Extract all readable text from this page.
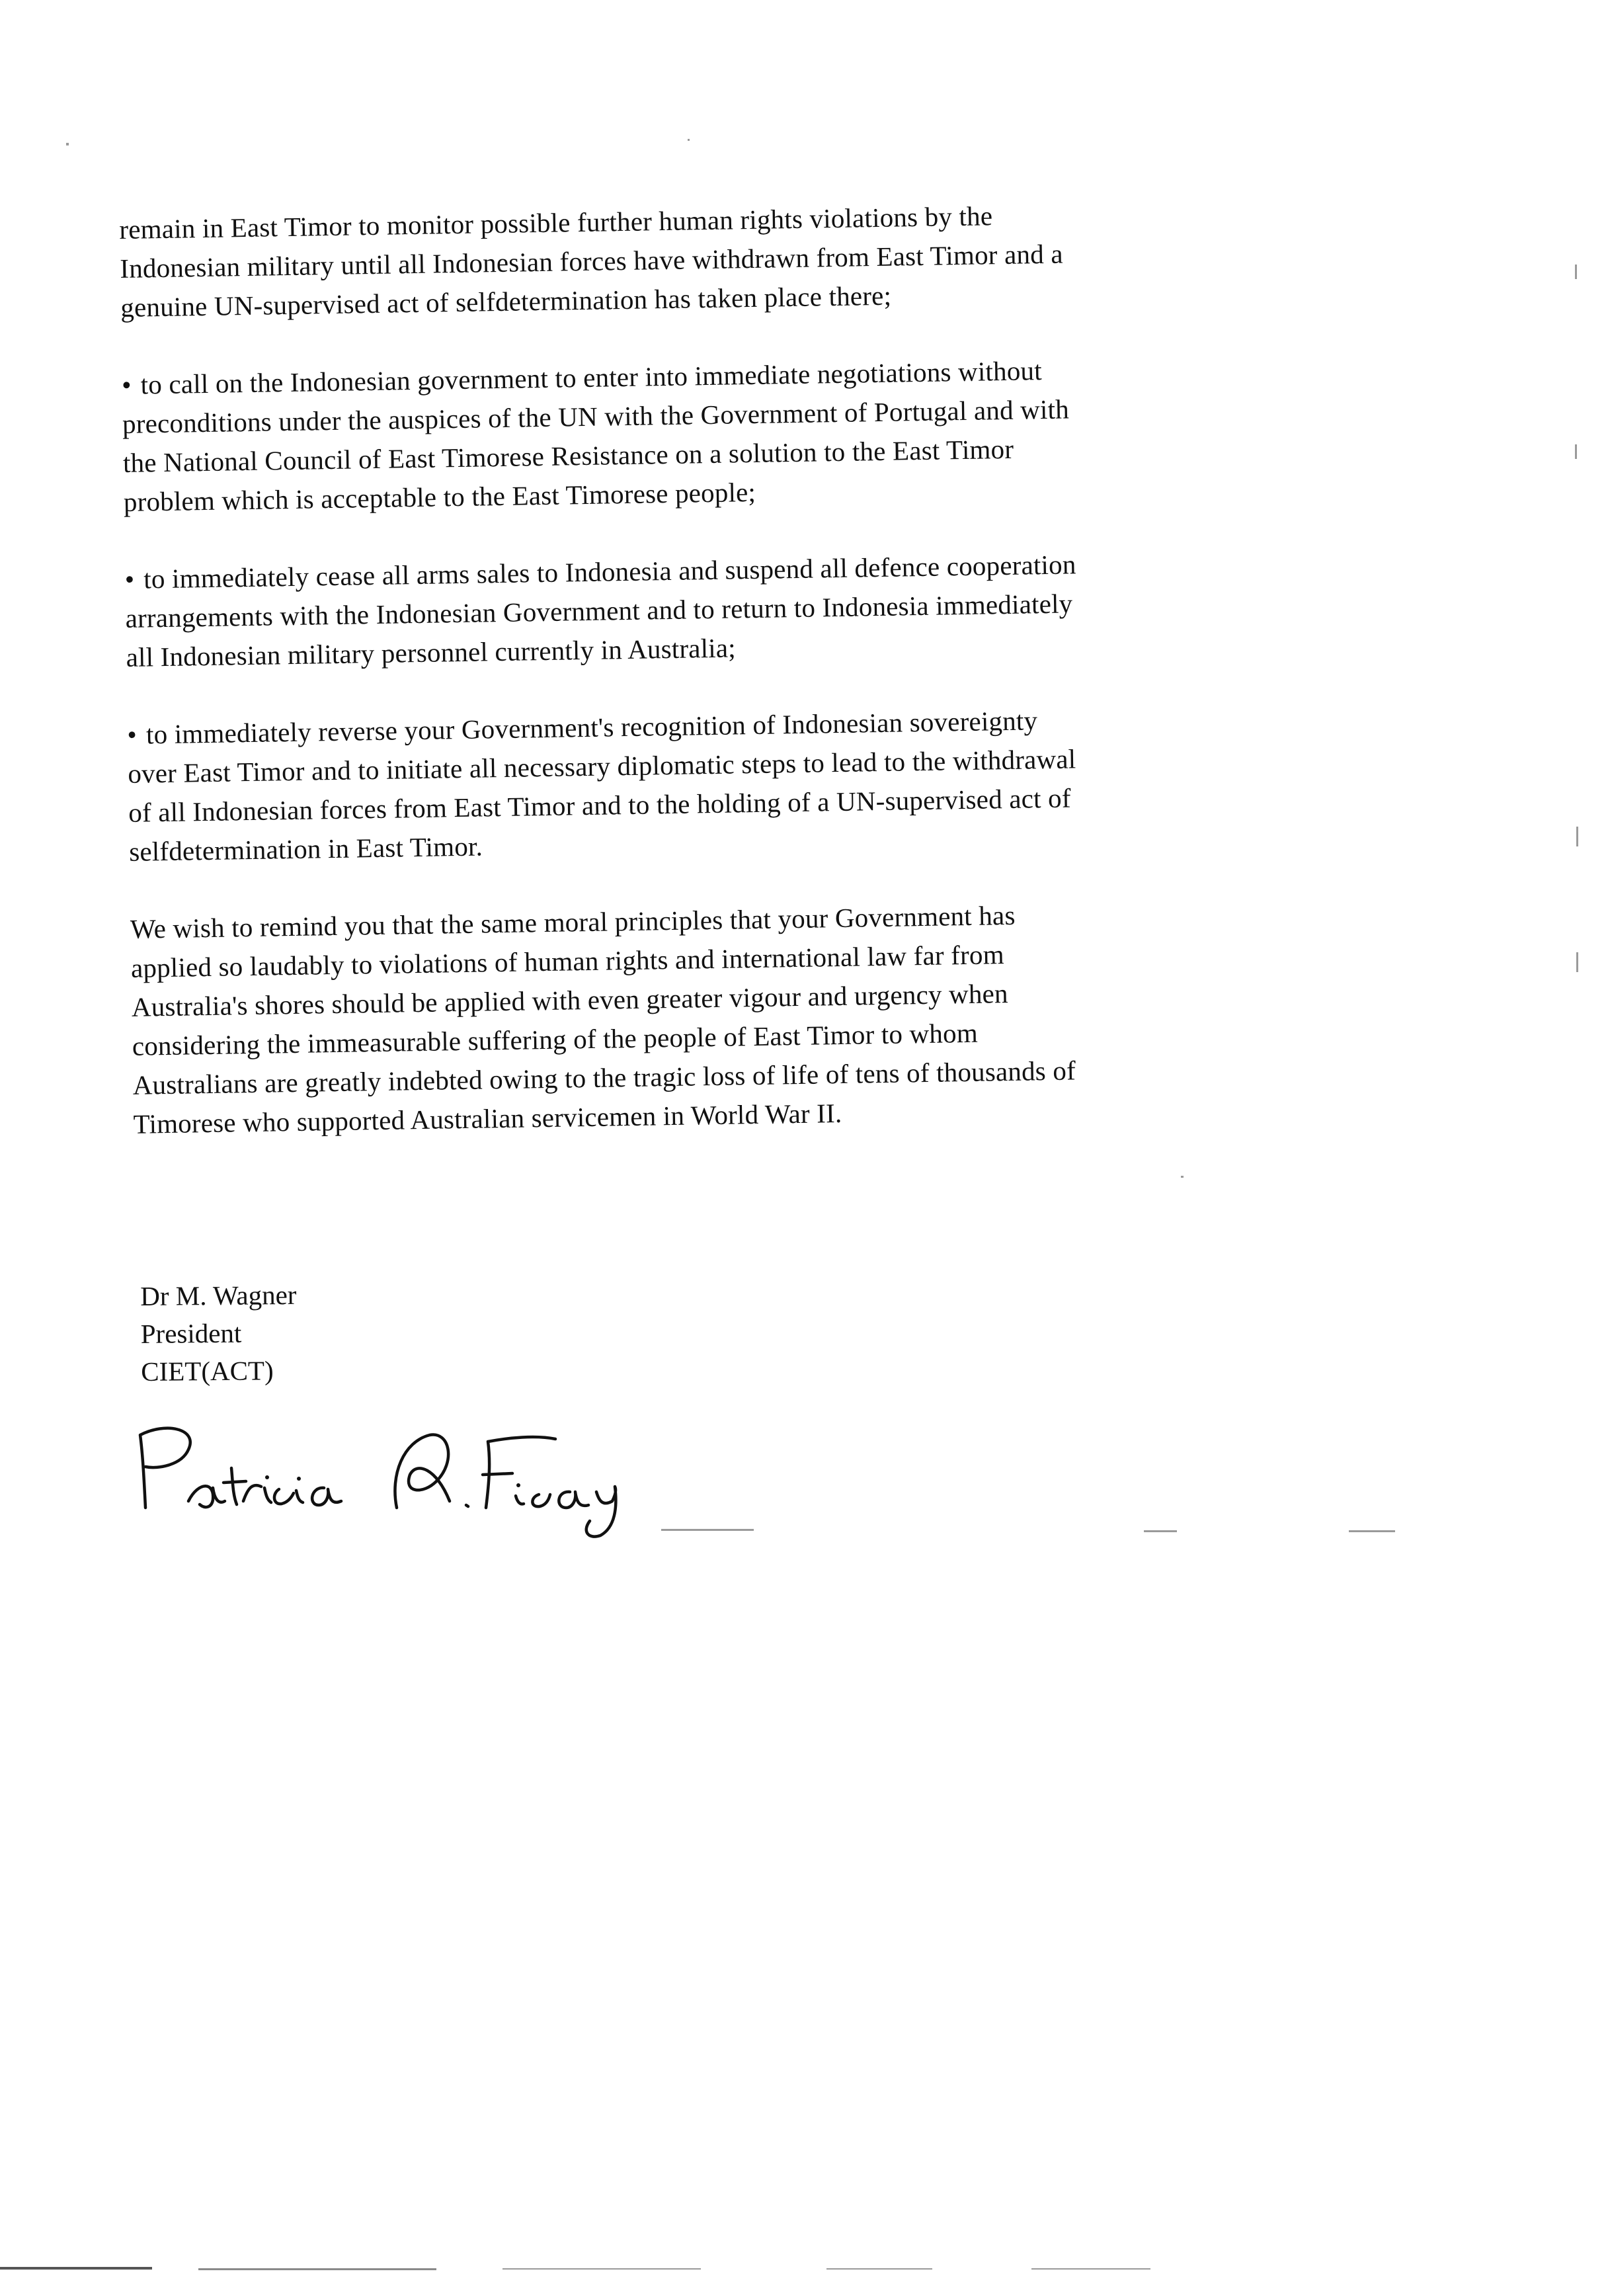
remain in East Timor to monitor possible further human rights violations by the
Indonesian military until all Indonesian forces have withdrawn from East Timor and a
genuine UN-supervised act of selfdetermination has taken place there;

• to call on the Indonesian government to enter into immediate negotiations without
preconditions under the auspices of the UN with the Government of Portugal and with
the National Council of East Timorese Resistance on a solution to the East Timor
problem which is acceptable to the East Timorese people;

• to immediately cease all arms sales to Indonesia and suspend all defence cooperation
arrangements with the Indonesian Government and to return to Indonesia immediately
all Indonesian military personnel currently in Australia;

• to immediately reverse your Government's recognition of Indonesian sovereignty
over East Timor and to initiate all necessary diplomatic steps to lead to the withdrawal
of all Indonesian forces from East Timor and to the holding of a UN-supervised act of
selfdetermination in East Timor.

We wish to remind you that the same moral principles that your Government has
applied so laudably to violations of human rights and international law far from
Australia's shores should be applied with even greater vigour and urgency when
considering the immeasurable suffering of the people of East Timor to whom
Australians are greatly indebted owing to the tragic loss of life of tens of thousands of
Timorese who supported Australian servicemen in World War II.

Dr M. Wagner
President
CIET(ACT)
